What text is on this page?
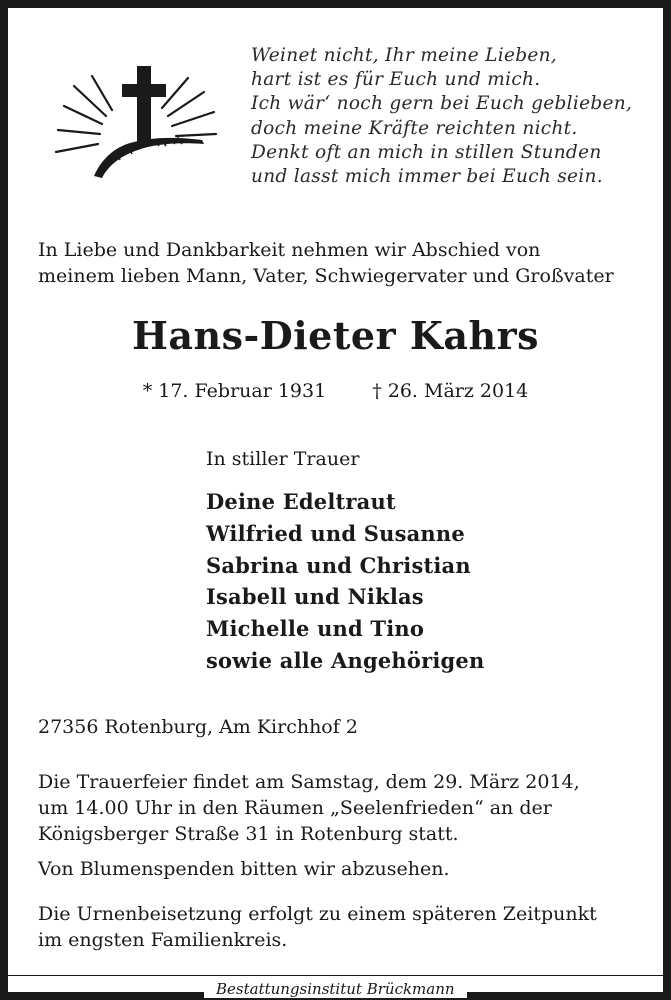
Weinet nicht, Ihr meine Lieben,
hart ist es für Euch und mich.
Ich wär‘ noch gern bei Euch geblieben,
doch meine Kräfte reichten nicht.
Denkt oft an mich in stillen Stunden
und lasst mich immer bei Euch sein.
In Liebe und Dankbarkeit nehmen wir Abschied von
meinem lieben Mann, Vater, Schwiegervater und Großvater
Hans-Dieter Kahrs
* 17. Februar 1931 † 26. März 2014
In stiller Trauer
Deine Edeltraut
Wilfried und Susanne
Sabrina und Christian
Isabell und Niklas
Michelle und Tino
sowie alle Angehörigen
27356 Rotenburg, Am Kirchhof 2
Die Trauerfeier findet am Samstag, dem 29. März 2014,
um 14.00 Uhr in den Räumen „Seelenfrieden“ an der
Königsberger Straße 31 in Rotenburg statt.
Von Blumenspenden bitten wir abzusehen.
Die Urnenbeisetzung erfolgt zu einem späteren Zeitpunkt
im engsten Familienkreis.
Bestattungsinstitut Brückmann
